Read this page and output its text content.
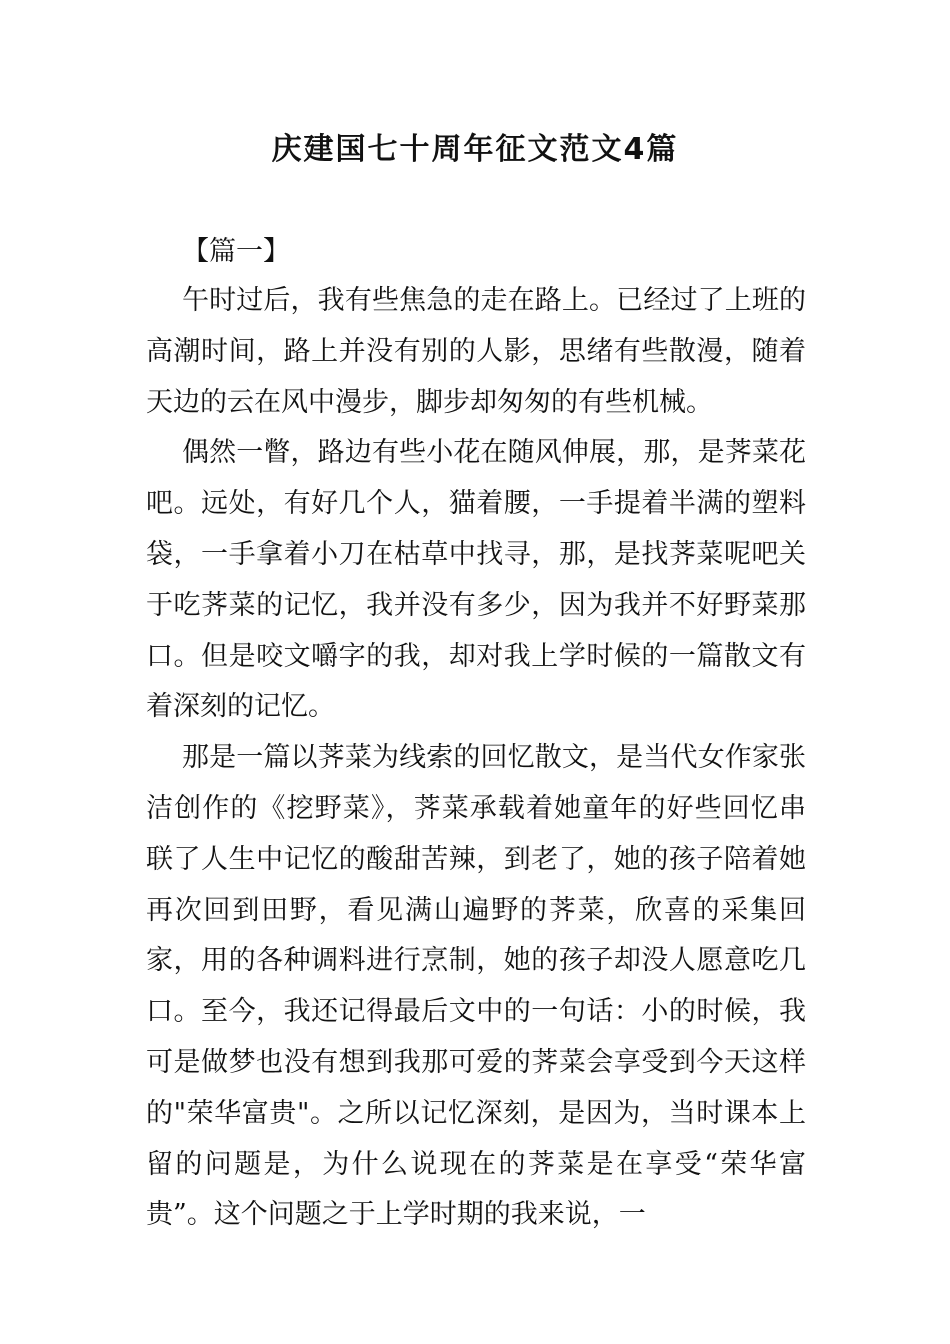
庆建国七十周年征文范文4篇
【篇一】

午时过后，我有些焦急的走在路上。已经过了上班的高潮时间，路上并没有别的人影，思绪有些散漫，随着天边的云在风中漫步，脚步却匆匆的有些机械。

偶然一瞥，路边有些小花在随风伸展，那，是荠菜花吧。远处，有好几个人，猫着腰，一手提着半满的塑料袋，一手拿着小刀在枯草中找寻，那，是找荠菜呢吧关于吃荠菜的记忆，我并没有多少，因为我并不好野菜那口。但是咬文嚼字的我，却对我上学时候的一篇散文有着深刻的记忆。

那是一篇以荠菜为线索的回忆散文，是当代女作家张洁创作的《挖野菜》，荠菜承载着她童年的好些回忆串联了人生中记忆的酸甜苦辣，到老了，她的孩子陪着她再次回到田野，看见满山遍野的荠菜，欣喜的采集回家，用的各种调料进行烹制，她的孩子却没人愿意吃几口。至今，我还记得最后文中的一句话：小的时候，我可是做梦也没有想到我那可爱的荠菜会享受到今天这样的"荣华富贵"。之所以记忆深刻，是因为，当时课本上留的问题是，为什么说现在的荠菜是在享受“荣华富贵”。这个问题之于上学时期的我来说，一
